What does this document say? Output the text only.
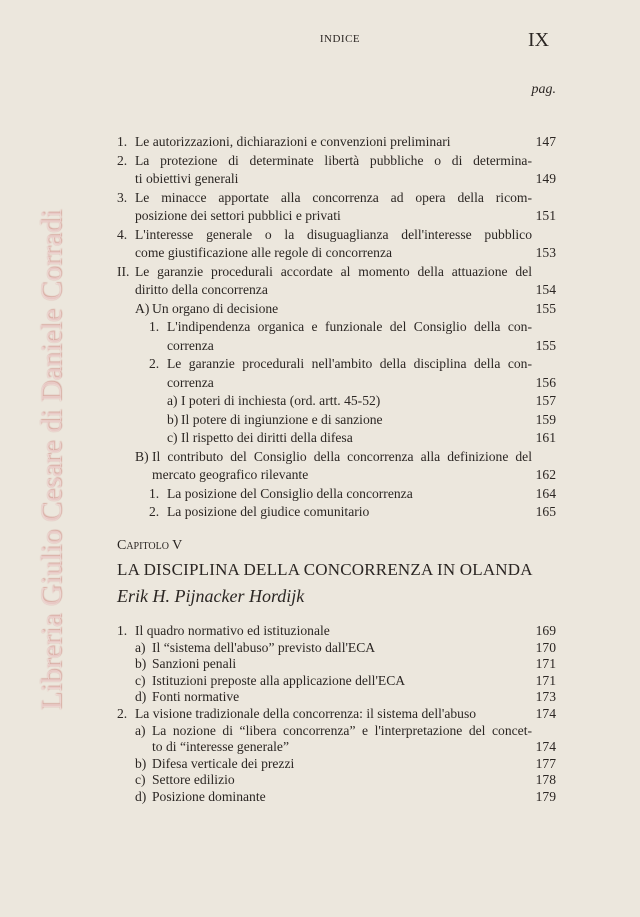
INDICE	IX
pag.
1. Le autorizzazioni, dichiarazioni e convenzioni preliminari	147
2. La protezione di determinate libertà pubbliche o di determina-
ti obiettivi generali	149
3. Le minacce apportate alla concorrenza ad opera della ricom-
posizione dei settori pubblici e privati	151
4. L'interesse generale o la disuguaglianza dell'interesse pubblico
come giustificazione alle regole di concorrenza	153
II. Le garanzie procedurali accordate al momento della attuazione del
diritto della concorrenza	154
A) Un organo di decisione	155
1. L'indipendenza organica e funzionale del Consiglio della con-
correnza	155
2. Le garanzie procedurali nell'ambito della disciplina della con-
correnza	156
a) I poteri di inchiesta (ord. artt. 45-52)	157
b) Il potere di ingiunzione e di sanzione	159
c) Il rispetto dei diritti della difesa	161
B) Il contributo del Consiglio della concorrenza alla definizione del
mercato geografico rilevante	162
1. La posizione del Consiglio della concorrenza	164
2. La posizione del giudice comunitario	165
Capitolo V
LA DISCIPLINA DELLA CONCORRENZA IN OLANDA
Erik H. Pijnacker Hordijk
1. Il quadro normativo ed istituzionale	169
a) Il “sistema dell'abuso” previsto dall'ECA	170
b) Sanzioni penali	171
c) Istituzioni preposte alla applicazione dell'ECA	171
d) Fonti normative	173
2. La visione tradizionale della concorrenza: il sistema dell'abuso	174
a) La nozione di “libera concorrenza” e l'interpretazione del concet-
to di “interesse generale”	174
b) Difesa verticale dei prezzi	177
c) Settore edilizio	178
d) Posizione dominante	179
Libreria Giulio Cesare di Daniele Corradi
